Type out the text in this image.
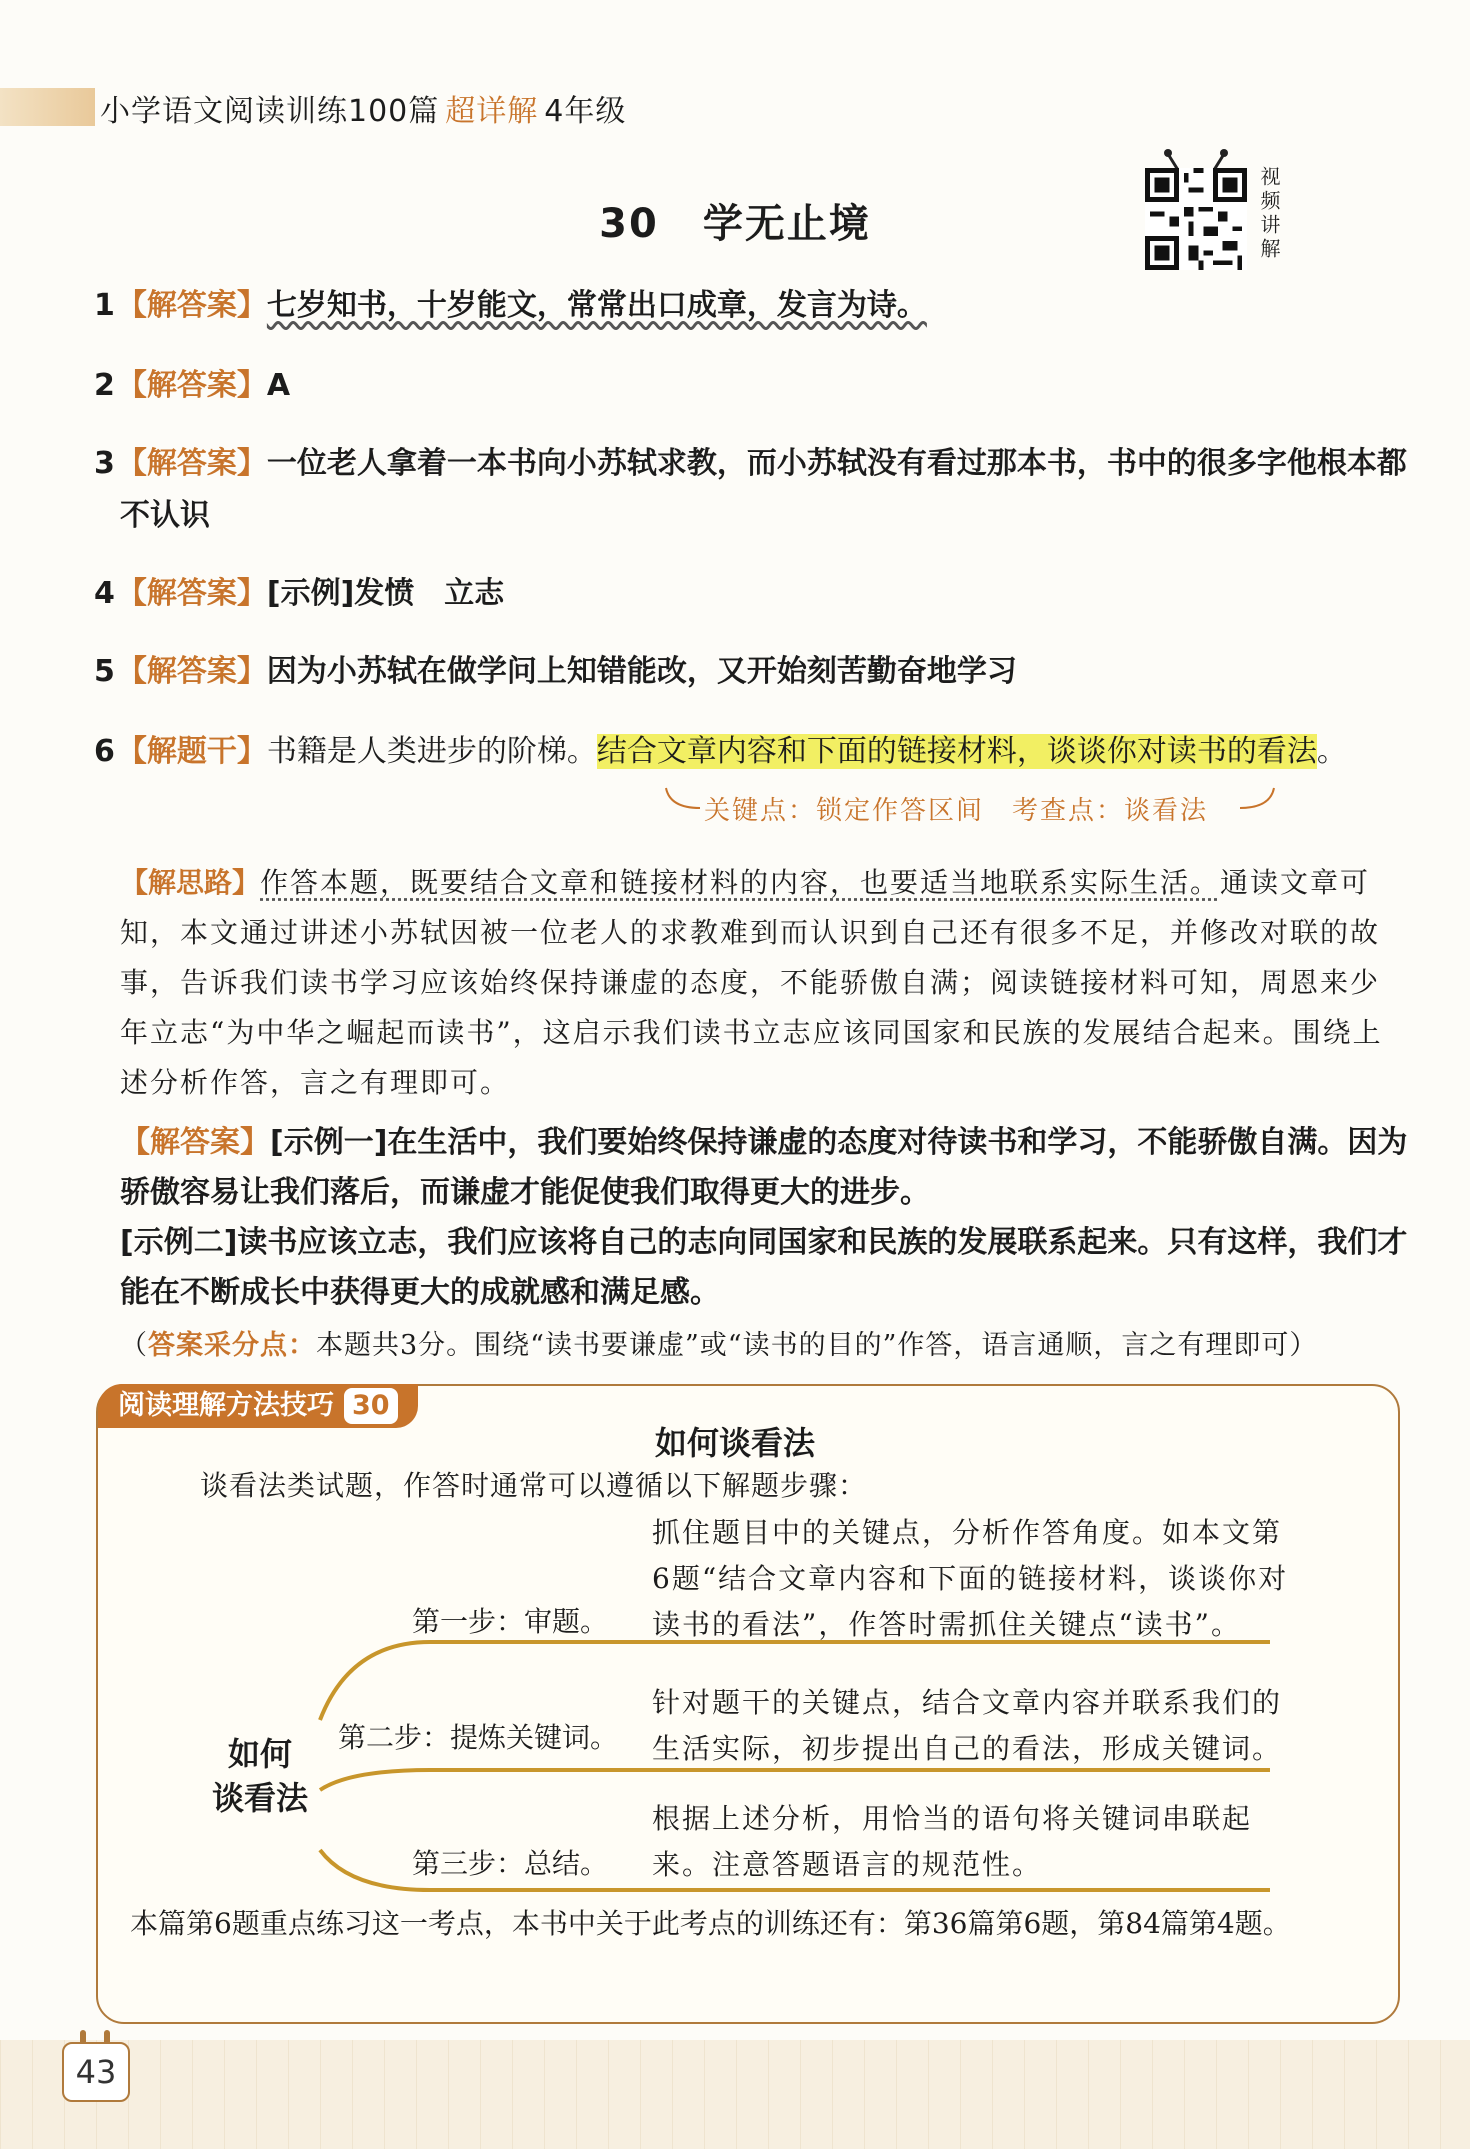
小学语文阅读训练100篇 超详解 4年级
30 学无止境	视频讲解
1【解答案】七岁知书，十岁能文，常常出口成章，发言为诗。
2【解答案】A
3【解答案】一位老人拿着一本书向小苏轼求教，而小苏轼没有看过那本书，书中的很多字他根本都
不认识
4【解答案】[示例]发愤　立志
5【解答案】因为小苏轼在做学问上知错能改，又开始刻苦勤奋地学习
6【解题干】书籍是人类进步的阶梯。结合文章内容和下面的链接材料，谈谈你对读书的看法。
关键点：锁定作答区间　考查点：谈看法
【解思路】作答本题，既要结合文章和链接材料的内容，也要适当地联系实际生活。通读文章可知，本文通过讲述小苏轼因被一位老人的求教难到而认识到自己还有很多不足，并修改对联的故事，告诉我们读书学习应该始终保持谦虚的态度，不能骄傲自满；阅读链接材料可知，周恩来少年立志“为中华之崛起而读书”，这启示我们读书立志应该同国家和民族的发展结合起来。围绕上述分析作答，言之有理即可。
【解答案】[示例一]在生活中，我们要始终保持谦虚的态度对待读书和学习，不能骄傲自满。因为骄傲容易让我们落后，而谦虚才能促使我们取得更大的进步。
[示例二]读书应该立志，我们应该将自己的志向同国家和民族的发展联系起来。只有这样，我们才能在不断成长中获得更大的成就感和满足感。
（答案采分点：本题共3分。围绕“读书要谦虚”或“读书的目的”作答，语言通顺，言之有理即可）
阅读理解方法技巧 30
如何谈看法
谈看法类试题，作答时通常可以遵循以下解题步骤：
抓住题目中的关键点，分析作答角度。如本文第6题“结合文章内容和下面的链接材料，谈谈你对读书的看法”，作答时需抓住关键点“读书”。
第一步：审题。
针对题干的关键点，结合文章内容并联系我们的生活实际，初步提出自己的看法，形成关键词。
第二步：提炼关键词。
根据上述分析，用恰当的语句将关键词串联起来。注意答题语言的规范性。
第三步：总结。
如何
谈看法
本篇第6题重点练习这一考点，本书中关于此考点的训练还有：第36篇第6题，第84篇第4题。
43
